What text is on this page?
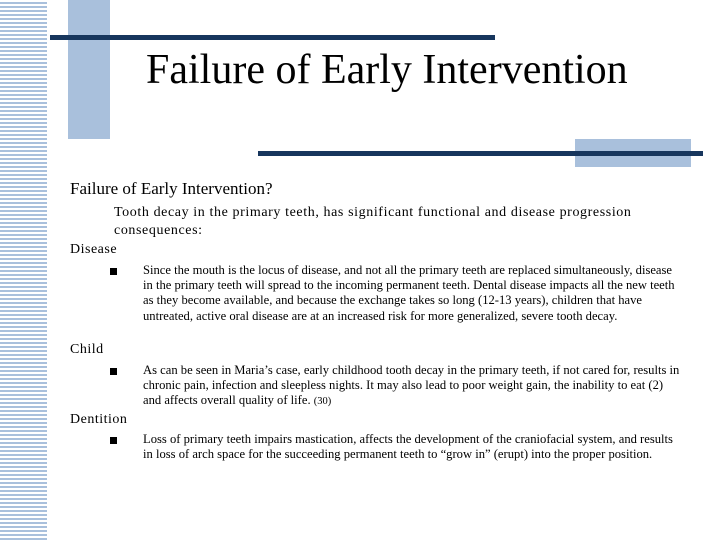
Failure of Early Intervention
Failure of Early Intervention?
Tooth decay in the primary teeth, has significant functional and disease progression consequences:
Disease
Since the mouth is the locus of disease, and not all the primary teeth are replaced simultaneously, disease in the primary teeth will spread to the incoming permanent teeth. Dental disease impacts all the new teeth as they become available, and because the exchange takes so long (12-13 years), children that have untreated, active oral disease are at an increased risk for more generalized, severe tooth decay.
Child
As can be seen in Maria’s case, early childhood tooth decay in the primary teeth, if not cared for, results in chronic pain, infection and sleepless nights. It may also lead to poor weight gain, the inability to eat (2) and affects overall quality of life. (30)
Dentition
Loss of primary teeth impairs mastication, affects the development of the craniofacial system, and results in loss of arch space for the succeeding permanent teeth to “grow in” (erupt) into the proper position.
